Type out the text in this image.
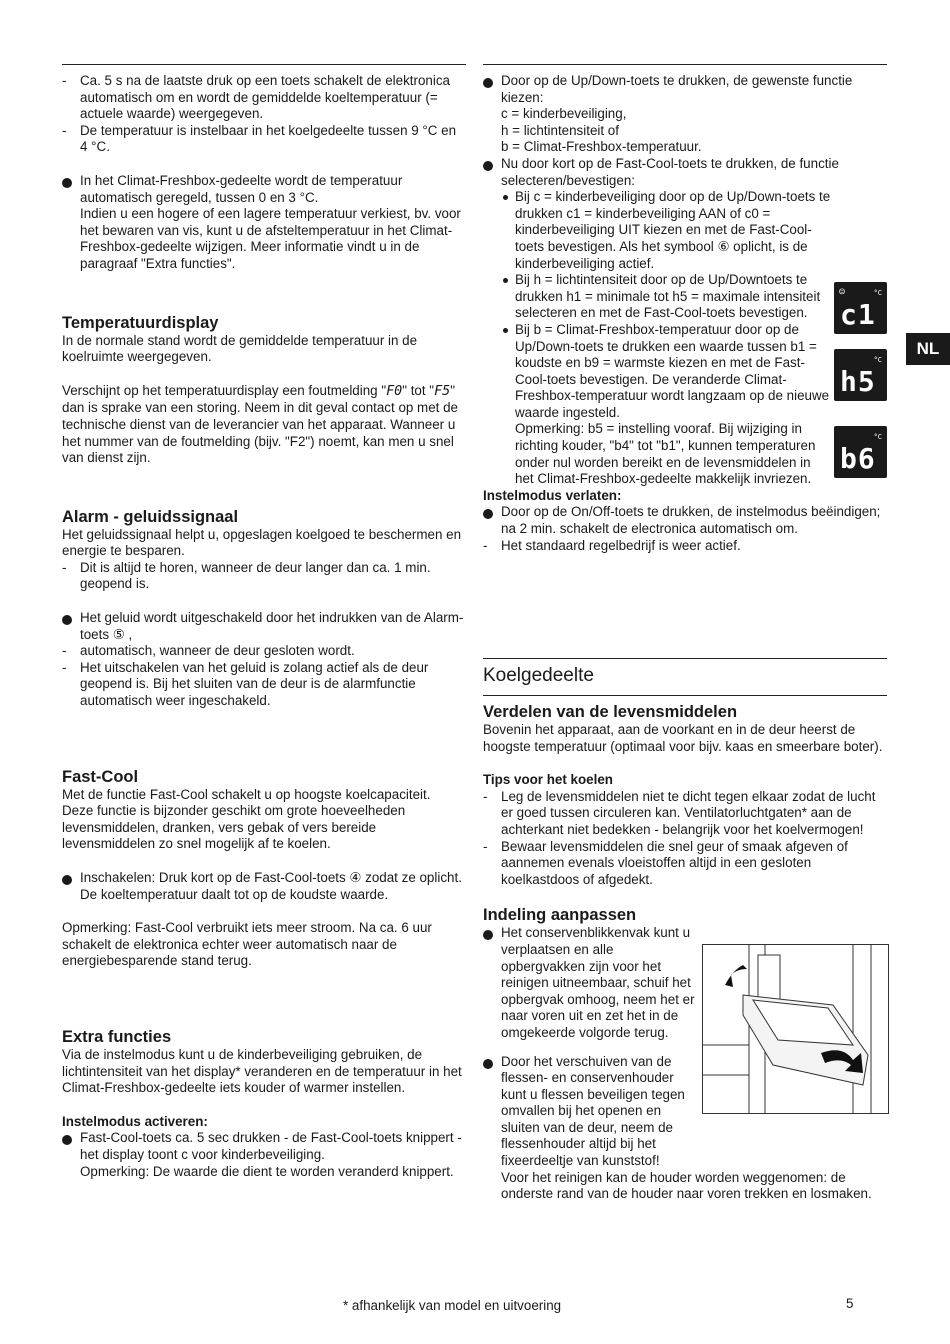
- Ca. 5 s na de laatste druk op een toets schakelt de elektronica automatisch om en wordt de gemiddelde koeltemperatuur (= actuele waarde) weergegeven.

- De temperatuur is instelbaar in het koelgedeelte tussen 9 °C en 4 °C.

In het Climat-Freshbox-gedeelte wordt de temperatuur automatisch geregeld, tussen 0 en 3 °C.

Indien u een hogere of een lagere temperatuur verkiest, bv. voor het bewaren van vis, kunt u de afsteltemperatuur in het Climat-Freshbox-gedeelte wijzigen. Meer informatie vindt u in de paragraaf "Extra functies".

Temperatuurdisplay

In de normale stand wordt de gemiddelde temperatuur in de koelruimte weergegeven.

Verschijnt op het temperatuurdisplay een foutmelding "F0" tot "F5" dan is sprake van een storing. Neem in dit geval contact op met de technische dienst van de leverancier van het apparaat. Wanneer u het nummer van de foutmelding (bijv. "F2") noemt, kan men u snel van dienst zijn.

Alarm - geluidssignaal

Het geluidssignaal helpt u, opgeslagen koelgoed te beschermen en energie te besparen.

- Dit is altijd te horen, wanneer de deur langer dan ca. 1 min. geopend is.

Het geluid wordt uitgeschakeld door het indrukken van de Alarm-toets ⑤ ,

- automatisch, wanneer de deur gesloten wordt.

- Het uitschakelen van het geluid is zolang actief als de deur geopend is. Bij het sluiten van de deur is de alarmfunctie automatisch weer ingeschakeld.

Fast-Cool

Met de functie Fast-Cool schakelt u op hoogste koelcapaciteit.

Deze functie is bijzonder geschikt om grote hoeveelheden levensmiddelen, dranken, vers gebak of vers bereide levensmiddelen zo snel mogelijk af te koelen.

Inschakelen: Druk kort op de Fast-Cool-toets ④ zodat ze oplicht. De koeltemperatuur daalt tot op de koudste waarde.

Opmerking: Fast-Cool verbruikt iets meer stroom. Na ca. 6 uur schakelt de elektronica echter weer automatisch naar de energiebesparende stand terug.

Extra functies

Via de instelmodus kunt u de kinderbeveiliging gebruiken, de lichtintensiteit van het display* veranderen en de temperatuur in het Climat-Freshbox-gedeelte iets kouder of warmer instellen.

Instelmodus activeren:

Fast-Cool-toets ca. 5 sec drukken - de Fast-Cool-toets knippert - het display toont c voor kinderbeveiliging.

Opmerking: De waarde die dient te worden veranderd knippert.

Door op de Up/Down-toets te drukken, de gewenste functie kiezen:

c = kinderbeveiliging,

h = lichtintensiteit of

b = Climat-Freshbox-temperatuur.

Nu door kort op de Fast-Cool-toets te drukken, de functie selecteren/bevestigen:

Bij c = kinderbeveiliging door op de Up/Down-toets te drukken c1 = kinderbeveiliging AAN of c0 = kinderbeveiliging UIT kiezen en met de Fast-Cool-toets bevestigen. Als het symbool ⑥ oplicht, is de kinderbeveiliging actief.

Bij h = lichtintensiteit door op de Up/Downtoets te drukken h1 = minimale tot h5 = maximale intensiteit selecteren en met de Fast-Cool-toets bevestigen.

Bij b = Climat-Freshbox-temperatuur door op de Up/Down-toets te drukken een waarde tussen b1 = koudste en b9 = warmste kiezen en met de Fast-Cool-toets bevestigen. De veranderde Climat-Freshbox-temperatuur wordt langzaam op de nieuwe waarde ingesteld.

Opmerking: b5 = instelling vooraf. Bij wijziging in richting kouder, "b4" tot "b1", kunnen temperaturen onder nul worden bereikt en de levensmiddelen in het Climat-Freshbox-gedeelte makkelijk invriezen.

Instelmodus verlaten:

Door op de On/Off-toets te drukken, de instelmodus beëindigen; na 2 min. schakelt de electronica automatisch om.

- Het standaard regelbedrijf is weer actief.

Koelgedeelte
Verdelen van de levensmiddelen

Bovenin het apparaat, aan de voorkant en in de deur heerst de hoogste temperatuur (optimaal voor bijv. kaas en smeerbare boter).

Tips voor het koelen

- Leg de levensmiddelen niet te dicht tegen elkaar zodat de lucht er goed tussen circuleren kan. Ventilatorluchtgaten* aan de achterkant niet bedekken - belangrijk voor het koelvermogen!

- Bewaar levensmiddelen die snel geur of smaak afgeven of aannemen evenals vloeistoffen altijd in een gesloten koelkastdoos of afgedekt.

Indeling aanpassen

Het conservenblikkenvak kunt u verplaatsen en alle opbergvakken zijn voor het reinigen uitneembaar, schuif het opbergvak omhoog, neem het er naar voren uit en zet het in de omgekeerde volgorde terug.

Door het verschuiven van de flessen- en conservenhouder kunt u flessen beveiligen tegen omvallen bij het openen en sluiten van de deur, neem de flessenhouder altijd bij het fixeerdeeltje van kunststof!

Voor het reinigen kan de houder worden weggenomen: de onderste rand van de houder naar voren trekken en losmaken.

☺	°C
c1
°C
h5
°C
b6
NL
* afhankelijk van model en uitvoering	5
